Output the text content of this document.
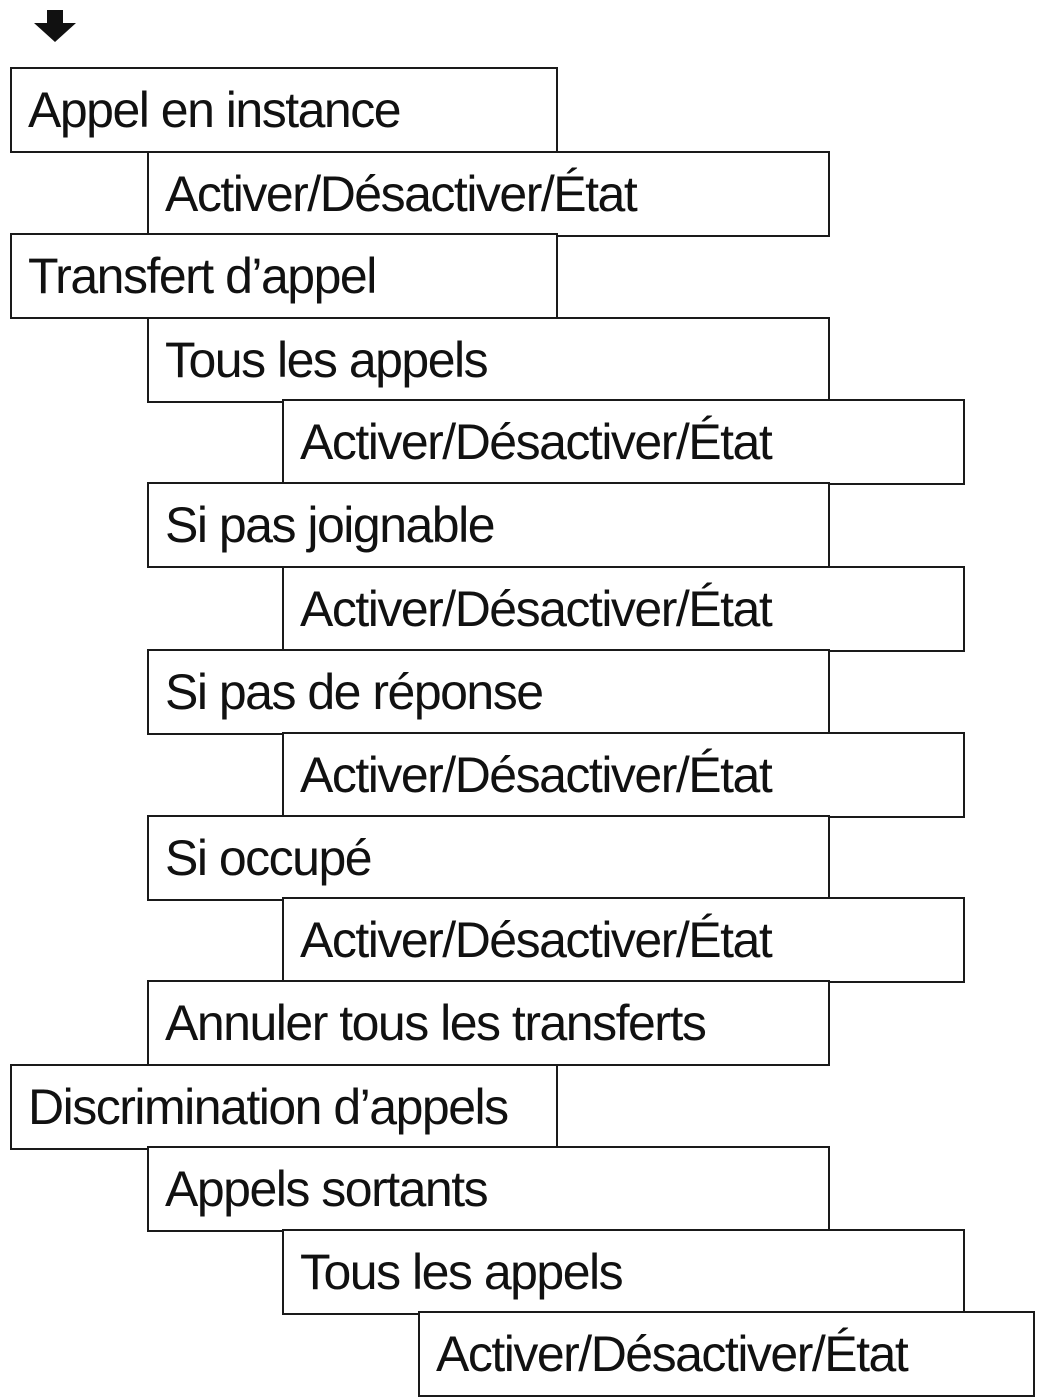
Appel en instance
Activer/Désactiver/État
Transfert d’appel
Tous les appels
Activer/Désactiver/État
Si pas joignable
Activer/Désactiver/État
Si pas de réponse
Activer/Désactiver/État
Si occupé
Activer/Désactiver/État
Annuler tous les transferts
Discrimination d’appels
Appels sortants
Tous les appels
Activer/Désactiver/État
